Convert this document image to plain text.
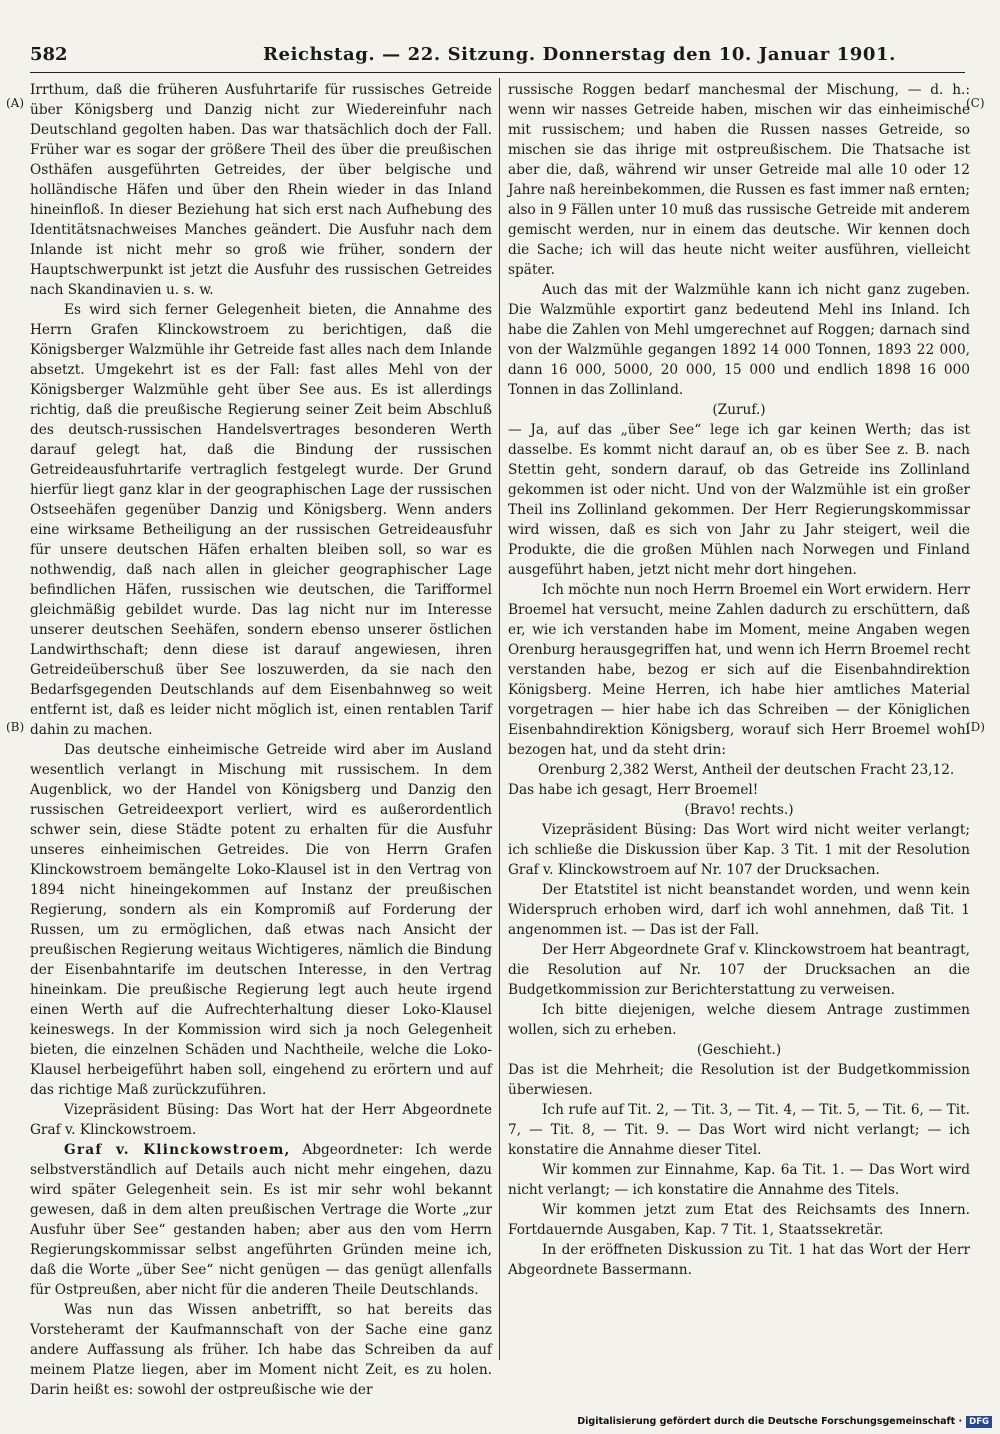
582	Reichstag. — 22. Sitzung. Donnerstag den 10. Januar 1901.
(A)
(B)
(C)
(D)

Irrthum, daß die früheren Ausfuhrtarife für russisches Getreide über Königsberg und Danzig nicht zur Wiedereinfuhr nach Deutschland gegolten haben. Das war thatsächlich doch der Fall. Früher war es sogar der größere Theil des über die preußischen Osthäfen ausgeführten Getreides, der über belgische und holländische Häfen und über den Rhein wieder in das Inland hineinfloß. In dieser Beziehung hat sich erst nach Aufhebung des Identitätsnachweises Manches geändert. Die Ausfuhr nach dem Inlande ist nicht mehr so groß wie früher, sondern der Hauptschwerpunkt ist jetzt die Ausfuhr des russischen Getreides nach Skandinavien u. s. w.

Es wird sich ferner Gelegenheit bieten, die Annahme des Herrn Grafen Klinckowstroem zu berichtigen, daß die Königsberger Walzmühle ihr Getreide fast alles nach dem Inlande absetzt. Umgekehrt ist es der Fall: fast alles Mehl von der Königsberger Walzmühle geht über See aus. Es ist allerdings richtig, daß die preußische Regierung seiner Zeit beim Abschluß des deutsch-russischen Handelsvertrages besonderen Werth darauf gelegt hat, daß die Bindung der russischen Getreideausfuhrtarife vertraglich festgelegt wurde. Der Grund hierfür liegt ganz klar in der geographischen Lage der russischen Ostseehäfen gegenüber Danzig und Königsberg. Wenn anders eine wirksame Betheiligung an der russischen Getreideausfuhr für unsere deutschen Häfen erhalten bleiben soll, so war es nothwendig, daß nach allen in gleicher geographischer Lage befindlichen Häfen, russischen wie deutschen, die Tarifformel gleichmäßig gebildet wurde. Das lag nicht nur im Interesse unserer deutschen Seehäfen, sondern ebenso unserer östlichen Landwirthschaft; denn diese ist darauf angewiesen, ihren Getreideüberschuß über See loszuwerden, da sie nach den Bedarfsgegenden Deutschlands auf dem Eisenbahnweg so weit entfernt ist, daß es leider nicht möglich ist, einen rentablen Tarif dahin zu machen.

Das deutsche einheimische Getreide wird aber im Ausland wesentlich verlangt in Mischung mit russischem. In dem Augenblick, wo der Handel von Königsberg und Danzig den russischen Getreideexport verliert, wird es außerordentlich schwer sein, diese Städte potent zu erhalten für die Ausfuhr unseres einheimischen Getreides. Die von Herrn Grafen Klinckowstroem bemängelte Loko-Klausel ist in den Vertrag von 1894 nicht hineingekommen auf Instanz der preußischen Regierung, sondern als ein Kompromiß auf Forderung der Russen, um zu ermöglichen, daß etwas nach Ansicht der preußischen Regierung weitaus Wichtigeres, nämlich die Bindung der Eisenbahntarife im deutschen Interesse, in den Vertrag hineinkam. Die preußische Regierung legt auch heute irgend einen Werth auf die Aufrechterhaltung dieser Loko-Klausel keineswegs. In der Kommission wird sich ja noch Gelegenheit bieten, die einzelnen Schäden und Nachtheile, welche die Loko-Klausel herbeigeführt haben soll, eingehend zu erörtern und auf das richtige Maß zurückzuführen.

Vizepräsident Büsing: Das Wort hat der Herr Abgeordnete Graf v. Klinckowstroem.

Graf v. Klinckowstroem, Abgeordneter: Ich werde selbstverständlich auf Details auch nicht mehr eingehen, dazu wird später Gelegenheit sein. Es ist mir sehr wohl bekannt gewesen, daß in dem alten preußischen Vertrage die Worte „zur Ausfuhr über See“ gestanden haben; aber aus den vom Herrn Regierungskommissar selbst angeführten Gründen meine ich, daß die Worte „über See“ nicht genügen — das genügt allenfalls für Ostpreußen, aber nicht für die anderen Theile Deutschlands.

Was nun das Wissen anbetrifft, so hat bereits das Vorsteheramt der Kaufmannschaft von der Sache eine ganz andere Auffassung als früher. Ich habe das Schreiben da auf meinem Platze liegen, aber im Moment nicht Zeit, es zu holen. Darin heißt es: sowohl der ostpreußische wie der

russische Roggen bedarf manchesmal der Mischung, — d. h.: wenn wir nasses Getreide haben, mischen wir das einheimische mit russischem; und haben die Russen nasses Getreide, so mischen sie das ihrige mit ostpreußischem. Die Thatsache ist aber die, daß, während wir unser Getreide mal alle 10 oder 12 Jahre naß hereinbekommen, die Russen es fast immer naß ernten; also in 9 Fällen unter 10 muß das russische Getreide mit anderem gemischt werden, nur in einem das deutsche. Wir kennen doch die Sache; ich will das heute nicht weiter ausführen, vielleicht später.

Auch das mit der Walzmühle kann ich nicht ganz zugeben. Die Walzmühle exportirt ganz bedeutend Mehl ins Inland. Ich habe die Zahlen von Mehl umgerechnet auf Roggen; darnach sind von der Walzmühle gegangen 1892 14 000 Tonnen, 1893 22 000, dann 16 000, 5000, 20 000, 15 000 und endlich 1898 16 000 Tonnen in das Zollinland.

(Zuruf.)

— Ja, auf das „über See“ lege ich gar keinen Werth; das ist dasselbe. Es kommt nicht darauf an, ob es über See z. B. nach Stettin geht, sondern darauf, ob das Getreide ins Zollinland gekommen ist oder nicht. Und von der Walzmühle ist ein großer Theil ins Zollinland gekommen. Der Herr Regierungskommissar wird wissen, daß es sich von Jahr zu Jahr steigert, weil die Produkte, die die großen Mühlen nach Norwegen und Finland ausgeführt haben, jetzt nicht mehr dort hingehen.

Ich möchte nun noch Herrn Broemel ein Wort erwidern. Herr Broemel hat versucht, meine Zahlen dadurch zu erschüttern, daß er, wie ich verstanden habe im Moment, meine Angaben wegen Orenburg herausgegriffen hat, und wenn ich Herrn Broemel recht verstanden habe, bezog er sich auf die Eisenbahndirektion Königsberg. Meine Herren, ich habe hier amtliches Material vorgetragen — hier habe ich das Schreiben — der Königlichen Eisenbahndirektion Königsberg, worauf sich Herr Broemel wohl bezogen hat, und da steht drin:

Orenburg 2,382 Werst, Antheil der deutschen Fracht 23,12.

Das habe ich gesagt, Herr Broemel!

(Bravo! rechts.)

Vizepräsident Büsing: Das Wort wird nicht weiter verlangt; ich schließe die Diskussion über Kap. 3 Tit. 1 mit der Resolution Graf v. Klinckowstroem auf Nr. 107 der Drucksachen.

Der Etatstitel ist nicht beanstandet worden, und wenn kein Widerspruch erhoben wird, darf ich wohl annehmen, daß Tit. 1 angenommen ist. — Das ist der Fall.

Der Herr Abgeordnete Graf v. Klinckowstroem hat beantragt, die Resolution auf Nr. 107 der Drucksachen an die Budgetkommission zur Berichterstattung zu verweisen.

Ich bitte diejenigen, welche diesem Antrage zustimmen wollen, sich zu erheben.

(Geschieht.)

Das ist die Mehrheit; die Resolution ist der Budgetkommission überwiesen.

Ich rufe auf Tit. 2, — Tit. 3, — Tit. 4, — Tit. 5, — Tit. 6, — Tit. 7, — Tit. 8, — Tit. 9. — Das Wort wird nicht verlangt; — ich konstatire die Annahme dieser Titel.

Wir kommen zur Einnahme, Kap. 6a Tit. 1. — Das Wort wird nicht verlangt; — ich konstatire die Annahme des Titels.

Wir kommen jetzt zum Etat des Reichsamts des Innern. Fortdauernde Ausgaben, Kap. 7 Tit. 1, Staatssekretär.

In der eröffneten Diskussion zu Tit. 1 hat das Wort der Herr Abgeordnete Bassermann.

Digitalisierung gefördert durch die Deutsche Forschungsgemeinschaft · DFG
